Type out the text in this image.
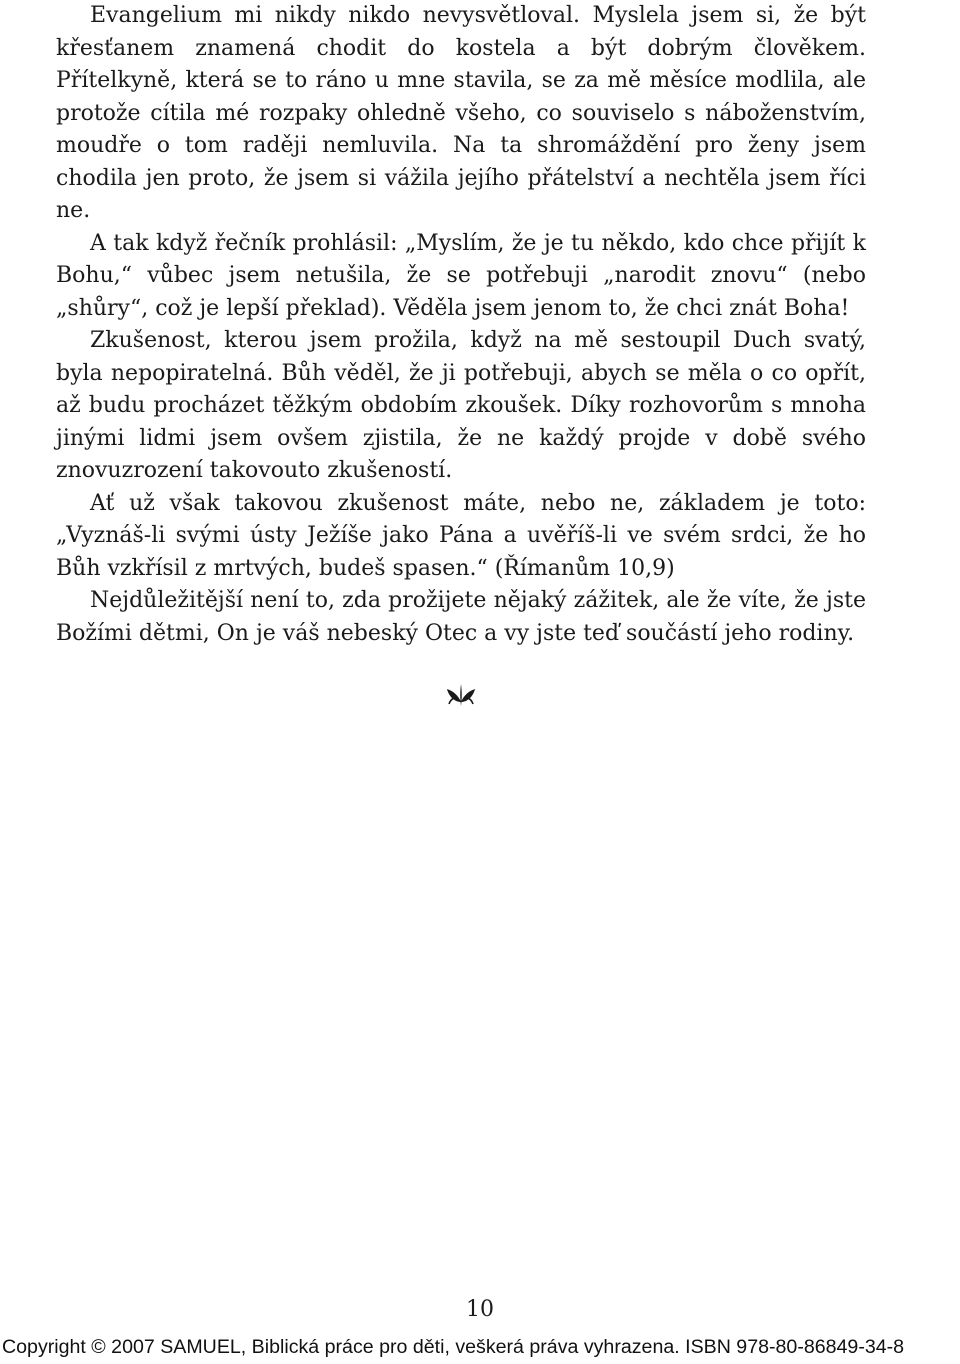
Evangelium mi nikdy nikdo nevysvětloval. Myslela jsem si, že být křesťanem znamená chodit do kostela a být dobrým člověkem. Přítelkyně, která se to ráno u mne stavila, se za mě měsíce modlila, ale protože cítila mé rozpaky ohledně všeho, co souviselo s náboženstvím, moudře o tom raději nemluvila. Na ta shromáždění pro ženy jsem chodila jen proto, že jsem si vážila jejího přátelství a nechtěla jsem říci ne.

A tak když řečník prohlásil: „Myslím, že je tu někdo, kdo chce přijít k Bohu,“ vůbec jsem netušila, že se potřebuji „narodit znovu“ (nebo „shůry“, což je lepší překlad). Věděla jsem jenom to, že chci znát Boha!

Zkušenost, kterou jsem prožila, když na mě sestoupil Duch svatý, byla nepopiratelná. Bůh věděl, že ji potřebuji, abych se měla o co opřít, až budu procházet těžkým obdobím zkoušek. Díky rozhovorům s mnoha jinými lidmi jsem ovšem zjistila, že ne každý projde v době svého znovuzrození takovouto zkušeností.

Ať už však takovou zkušenost máte, nebo ne, základem je toto: „Vyznáš-li svými ústy Ježíše jako Pána a uvěříš-li ve svém srdci, že ho Bůh vzkřísil z mrtvých, budeš spasen.“ (Římanům 10,9)

Nejdůležitější není to, zda prožijete nějaký zážitek, ale že víte, že jste Božími dětmi, On je váš nebeský Otec a vy jste teď součástí jeho rodiny.

10
Copyright © 2007 SAMUEL, Biblická práce pro děti, veškerá práva vyhrazena. ISBN 978-80-86849-34-8
